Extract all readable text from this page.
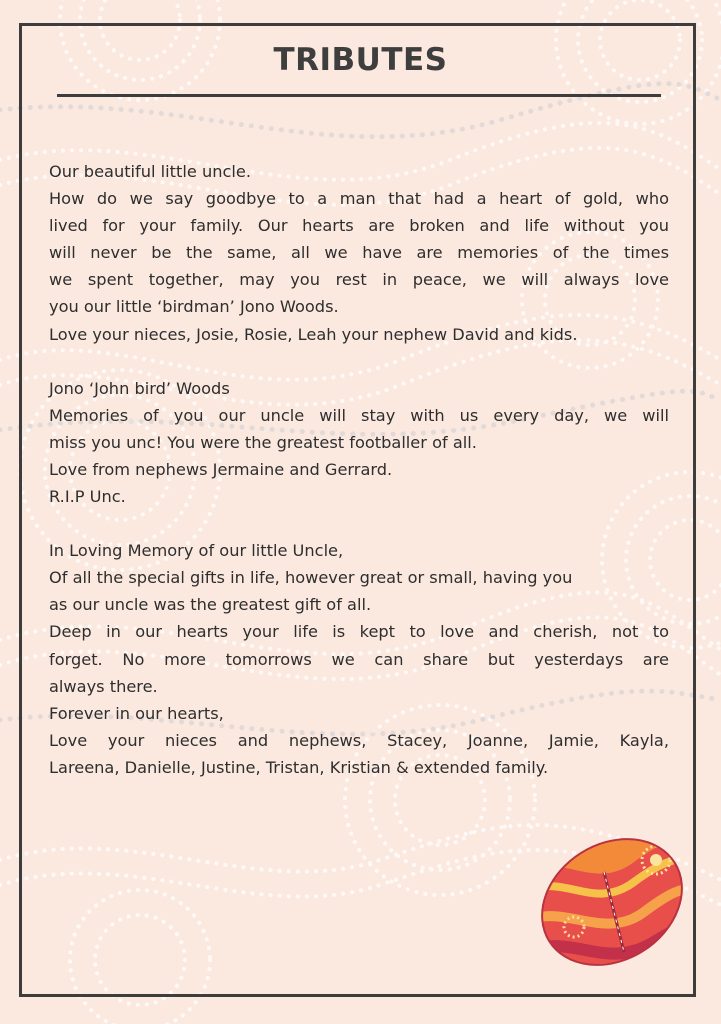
TRIBUTES
Our beautiful little uncle.
How do we say goodbye to a man that had a heart of gold, who
lived for your family. Our hearts are broken and life without you
will never be the same, all we have are memories of the times
we spent together, may you rest in peace, we will always love
you our little ‘birdman’ Jono Woods.
Love your nieces, Josie, Rosie, Leah your nephew David and kids.
Jono ‘John bird’ Woods
Memories of you our uncle will stay with us every day, we will
miss you unc! You were the greatest footballer of all.
Love from nephews Jermaine and Gerrard.
R.I.P Unc.
In Loving Memory of our little Uncle,
Of all the special gifts in life, however great or small, having you
as our uncle was the greatest gift of all.
Deep in our hearts your life is kept to love and cherish, not to
forget. No more tomorrows we can share but yesterdays are
always there.
Forever in our hearts,
Love your nieces and nephews, Stacey, Joanne, Jamie, Kayla,
Lareena, Danielle, Justine, Tristan, Kristian & extended family.
